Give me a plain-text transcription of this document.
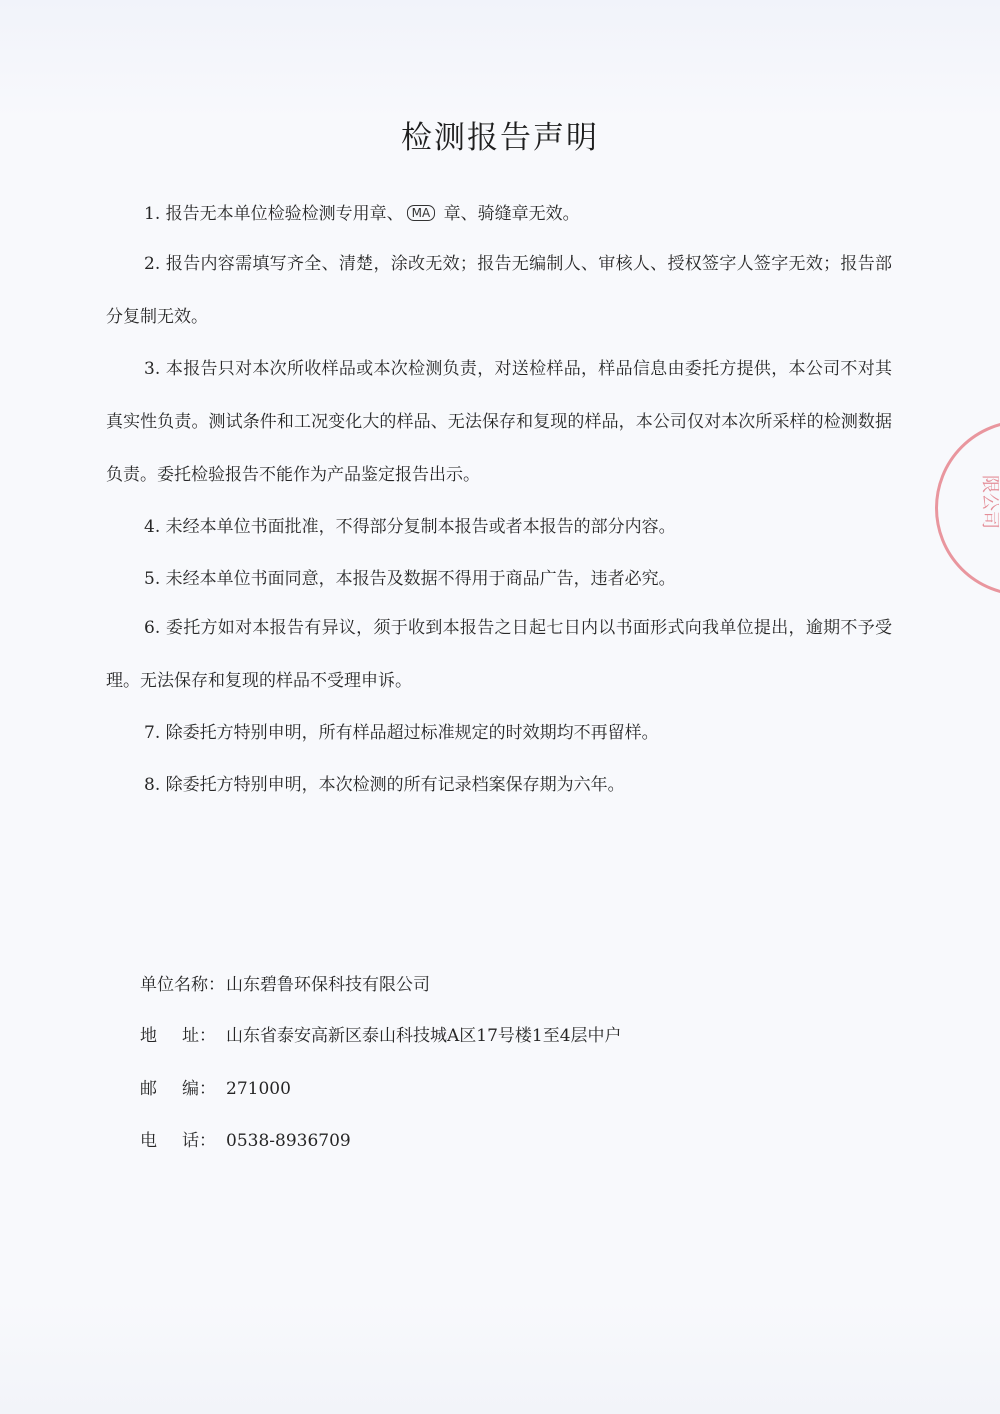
检测报告声明
1. 报告无本单位检验检测专用章、 MA 章、骑缝章无效。
2. 报告内容需填写齐全、清楚，涂改无效；报告无编制人、审核人、授权签字人签字无效；报告部分复制无效。
3. 本报告只对本次所收样品或本次检测负责，对送检样品，样品信息由委托方提供，本公司不对其真实性负责。测试条件和工况变化大的样品、无法保存和复现的样品，本公司仅对本次所采样的检测数据负责。委托检验报告不能作为产品鉴定报告出示。
4. 未经本单位书面批准，不得部分复制本报告或者本报告的部分内容。
5. 未经本单位书面同意，本报告及数据不得用于商品广告，违者必究。
6. 委托方如对本报告有异议，须于收到本报告之日起七日内以书面形式向我单位提出，逾期不予受理。无法保存和复现的样品不受理申诉。
7. 除委托方特别申明，所有样品超过标准规定的时效期均不再留样。
8. 除委托方特别申明，本次检测的所有记录档案保存期为六年。
单位名称：山东碧鲁环保科技有限公司
地 址： 山东省泰安高新区泰山科技城A区17号楼1至4层中户
邮 编： 271000
电 话： 0538-8936709
限公司
